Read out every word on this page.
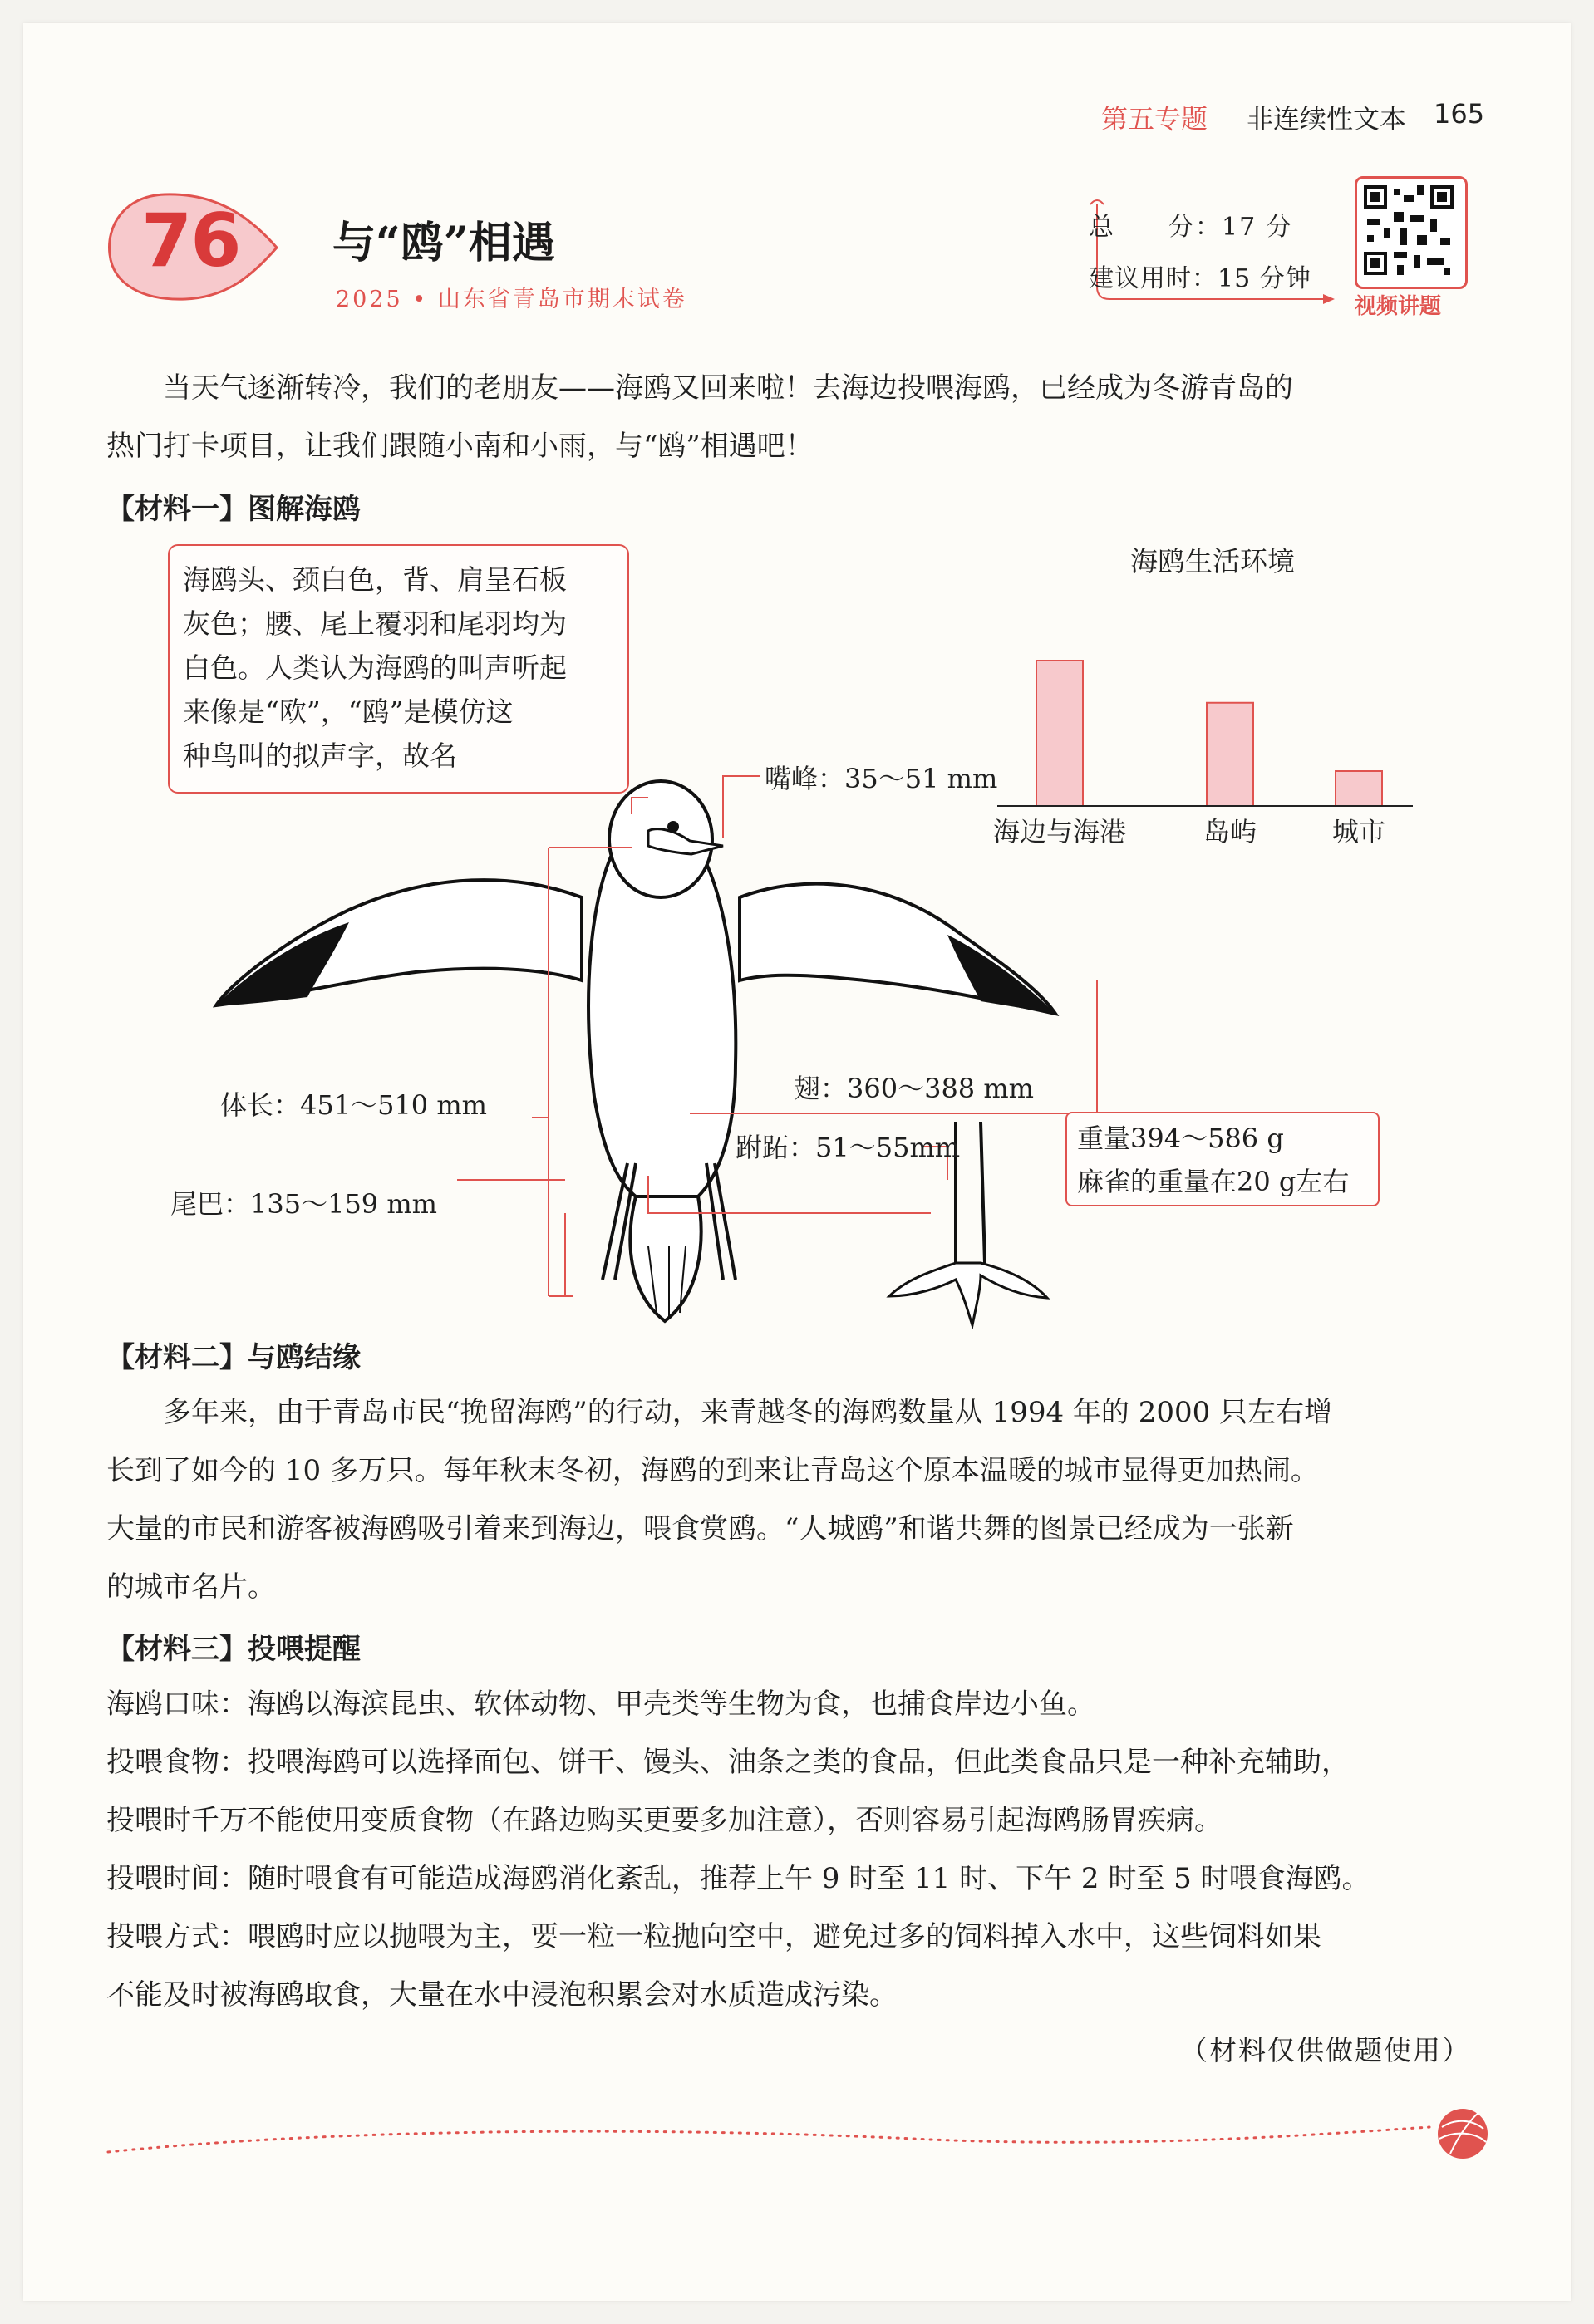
第五专题 非连续性文本 165
76 与“鸥”相遇
2025 • 山东省青岛市期末试卷
总　　分：17 分
建议用时：15 分钟
视频讲题
当天气逐渐转冷，我们的老朋友——海鸥又回来啦！去海边投喂海鸥，已经成为冬游青岛的
热门打卡项目，让我们跟随小南和小雨，与“鸥”相遇吧！
【材料一】图解海鸥
海鸥头、颈白色，背、肩呈石板
灰色；腰、尾上覆羽和尾羽均为
白色。人类认为海鸥的叫声听起
来像是“欧”，“鸥”是模仿这
种鸟叫的拟声字，故名
海鸥生活环境
海边与海港	岛屿	城市
嘴峰：35～51 mm
体长：451～510 mm
尾巴：135～159 mm
翅：360～388 mm
跗跖：51～55mm	重量394～586 g
麻雀的重量在20 g左右
【材料二】与鸥结缘
多年来，由于青岛市民“挽留海鸥”的行动，来青越冬的海鸥数量从 1994 年的 2000 只左右增
长到了如今的 10 多万只。每年秋末冬初，海鸥的到来让青岛这个原本温暖的城市显得更加热闹。
大量的市民和游客被海鸥吸引着来到海边，喂食赏鸥。“人城鸥”和谐共舞的图景已经成为一张新
的城市名片。
【材料三】投喂提醒
海鸥口味：海鸥以海滨昆虫、软体动物、甲壳类等生物为食，也捕食岸边小鱼。
投喂食物：投喂海鸥可以选择面包、饼干、馒头、油条之类的食品，但此类食品只是一种补充辅助，
投喂时千万不能使用变质食物（在路边购买更要多加注意），否则容易引起海鸥肠胃疾病。
投喂时间：随时喂食有可能造成海鸥消化紊乱，推荐上午 9 时至 11 时、下午 2 时至 5 时喂食海鸥。
投喂方式：喂鸥时应以抛喂为主，要一粒一粒抛向空中，避免过多的饲料掉入水中，这些饲料如果
不能及时被海鸥取食，大量在水中浸泡积累会对水质造成污染。
（材料仅供做题使用）
